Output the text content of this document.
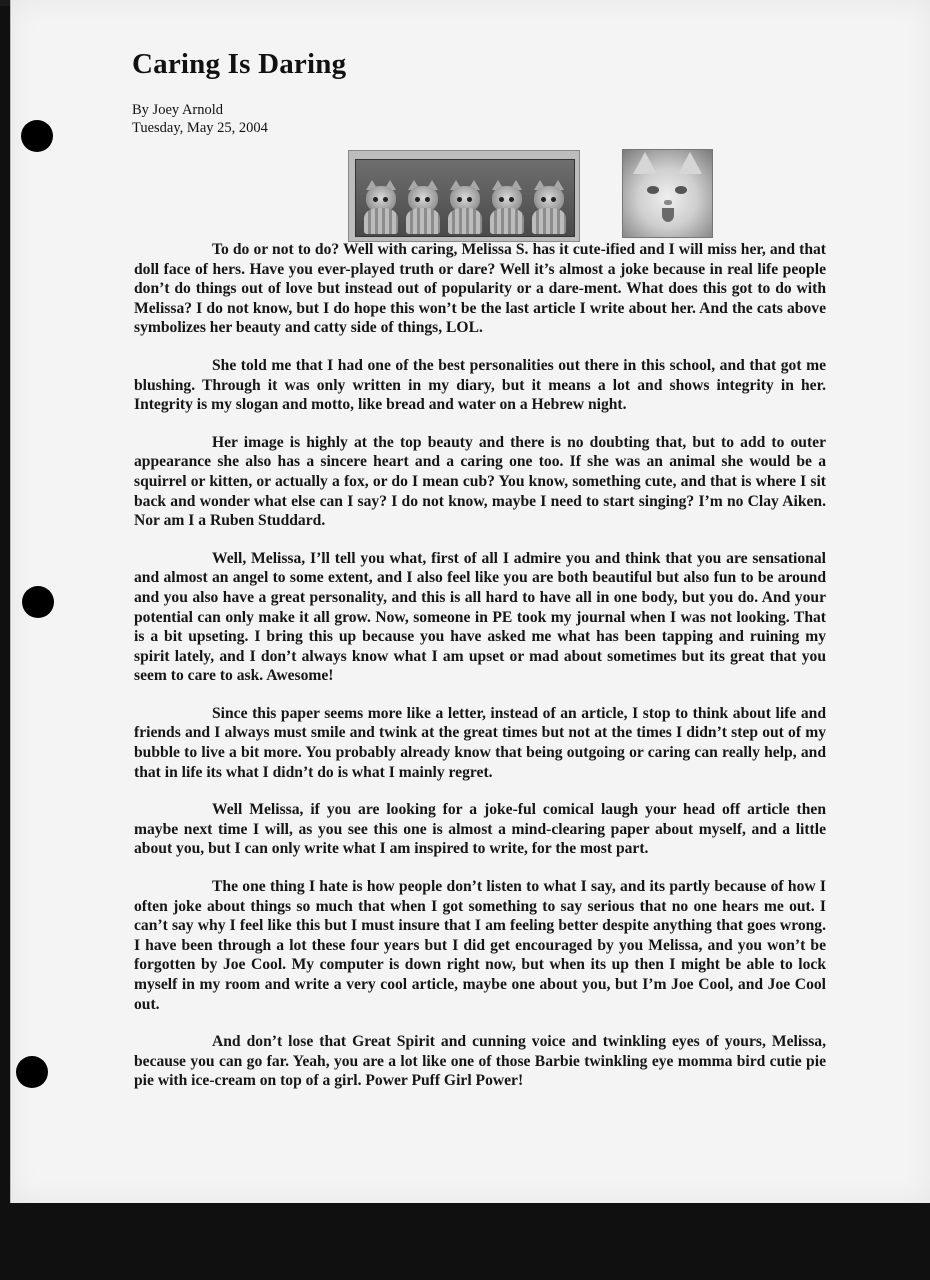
Caring Is Daring
By Joey Arnold
Tuesday, May 25, 2004

To do or not to do? Well with caring, Melissa S. has it cute-ified and I will miss her, and that doll face of hers. Have you ever-played truth or dare? Well it’s almost a joke because in real life people don’t do things out of love but instead out of popularity or a dare-ment. What does this got to do with Melissa? I do not know, but I do hope this won’t be the last article I write about her. And the cats above symbolizes her beauty and catty side of things, LOL.

She told me that I had one of the best personalities out there in this school, and that got me blushing. Through it was only written in my diary, but it means a lot and shows integrity in her. Integrity is my slogan and motto, like bread and water on a Hebrew night.

Her image is highly at the top beauty and there is no doubting that, but to add to outer appearance she also has a sincere heart and a caring one too. If she was an animal she would be a squirrel or kitten, or actually a fox, or do I mean cub? You know, something cute, and that is where I sit back and wonder what else can I say? I do not know, maybe I need to start singing? I’m no Clay Aiken. Nor am I a Ruben Studdard.

Well, Melissa, I’ll tell you what, first of all I admire you and think that you are sensational and almost an angel to some extent, and I also feel like you are both beautiful but also fun to be around and you also have a great personality, and this is all hard to have all in one body, but you do. And your potential can only make it all grow. Now, someone in PE took my journal when I was not looking. That is a bit upseting. I bring this up because you have asked me what has been tapping and ruining my spirit lately, and I don’t always know what I am upset or mad about sometimes but its great that you seem to care to ask. Awesome!

Since this paper seems more like a letter, instead of an article, I stop to think about life and friends and I always must smile and twink at the great times but not at the times I didn’t step out of my bubble to live a bit more. You probably already know that being outgoing or caring can really help, and that in life its what I didn’t do is what I mainly regret.

Well Melissa, if you are looking for a joke-ful comical laugh your head off article then maybe next time I will, as you see this one is almost a mind-clearing paper about myself, and a little about you, but I can only write what I am inspired to write, for the most part.

The one thing I hate is how people don’t listen to what I say, and its partly because of how I often joke about things so much that when I got something to say serious that no one hears me out. I can’t say why I feel like this but I must insure that I am feeling better despite anything that goes wrong. I have been through a lot these four years but I did get encouraged by you Melissa, and you won’t be forgotten by Joe Cool. My computer is down right now, but when its up then I might be able to lock myself in my room and write a very cool article, maybe one about you, but I’m Joe Cool, and Joe Cool out.

And don’t lose that Great Spirit and cunning voice and twinkling eyes of yours, Melissa, because you can go far. Yeah, you are a lot like one of those Barbie twinkling eye momma bird cutie pie pie with ice-cream on top of a girl. Power Puff Girl Power!
